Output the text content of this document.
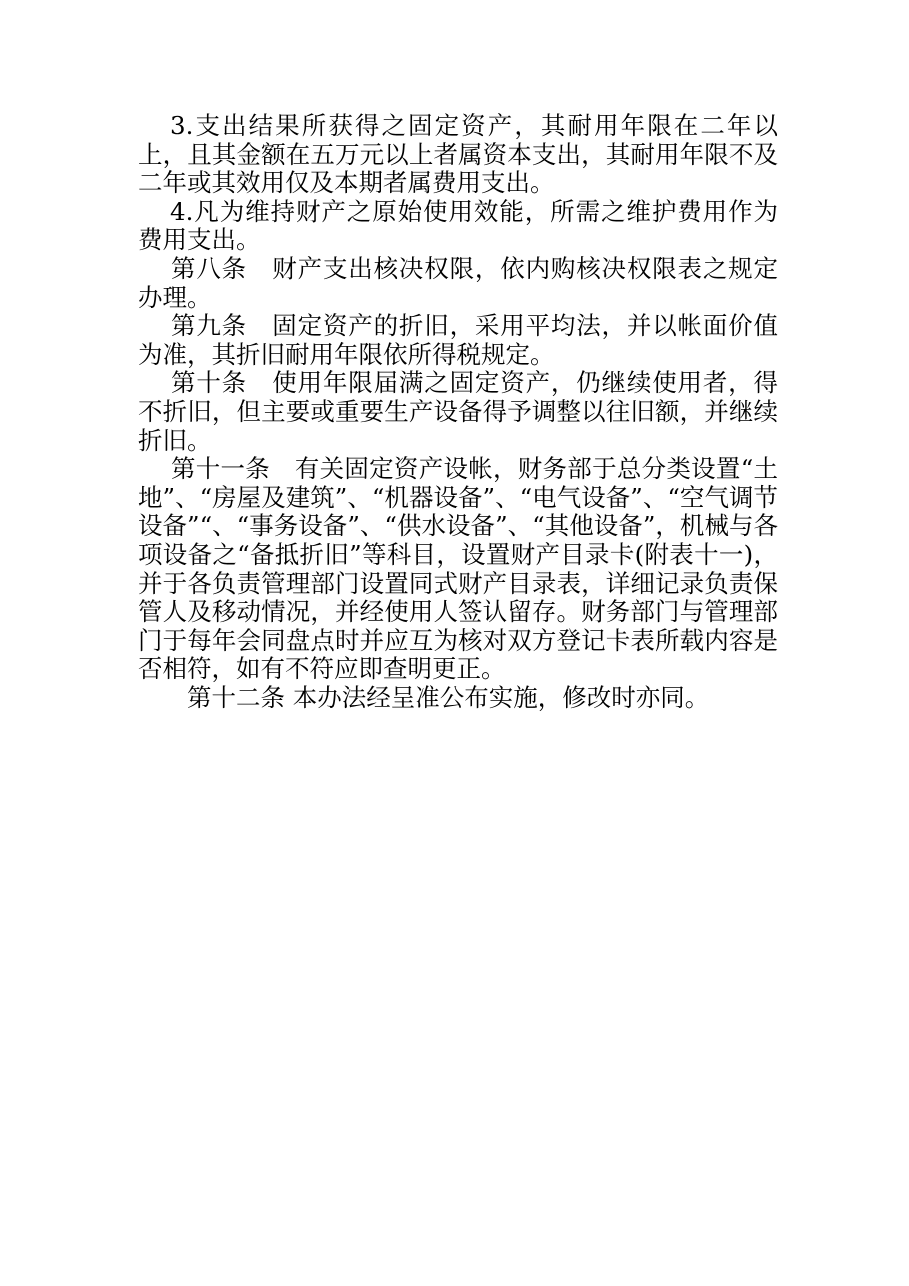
3.支出结果所获得之固定资产，其耐用年限在二年以上，且其金额在五万元以上者属资本支出，其耐用年限不及二年或其效用仅及本期者属费用支出。

4.凡为维持财产之原始使用效能，所需之维护费用作为费用支出。

第八条　财产支出核决权限，依内购核决权限表之规定办理。

第九条　固定资产的折旧，采用平均法，并以帐面价值为准，其折旧耐用年限依所得税规定。

第十条　使用年限届满之固定资产，仍继续使用者，得不折旧，但主要或重要生产设备得予调整以往旧额，并继续折旧。

第十一条　有关固定资产设帐，财务部于总分类设置“土地”、“房屋及建筑”、“机器设备”、“电气设备”、“空气调节设备”“、“事务设备”、“供水设备”、“其他设备”，机械与各项设备之“备抵折旧”等科目，设置财产目录卡(附表十一)，并于各负责管理部门设置同式财产目录表，详细记录负责保管人及移动情况，并经使用人签认留存。财务部门与管理部门于每年会同盘点时并应互为核对双方登记卡表所载内容是否相符，如有不符应即查明更正。

第十二条 本办法经呈准公布实施，修改时亦同。
